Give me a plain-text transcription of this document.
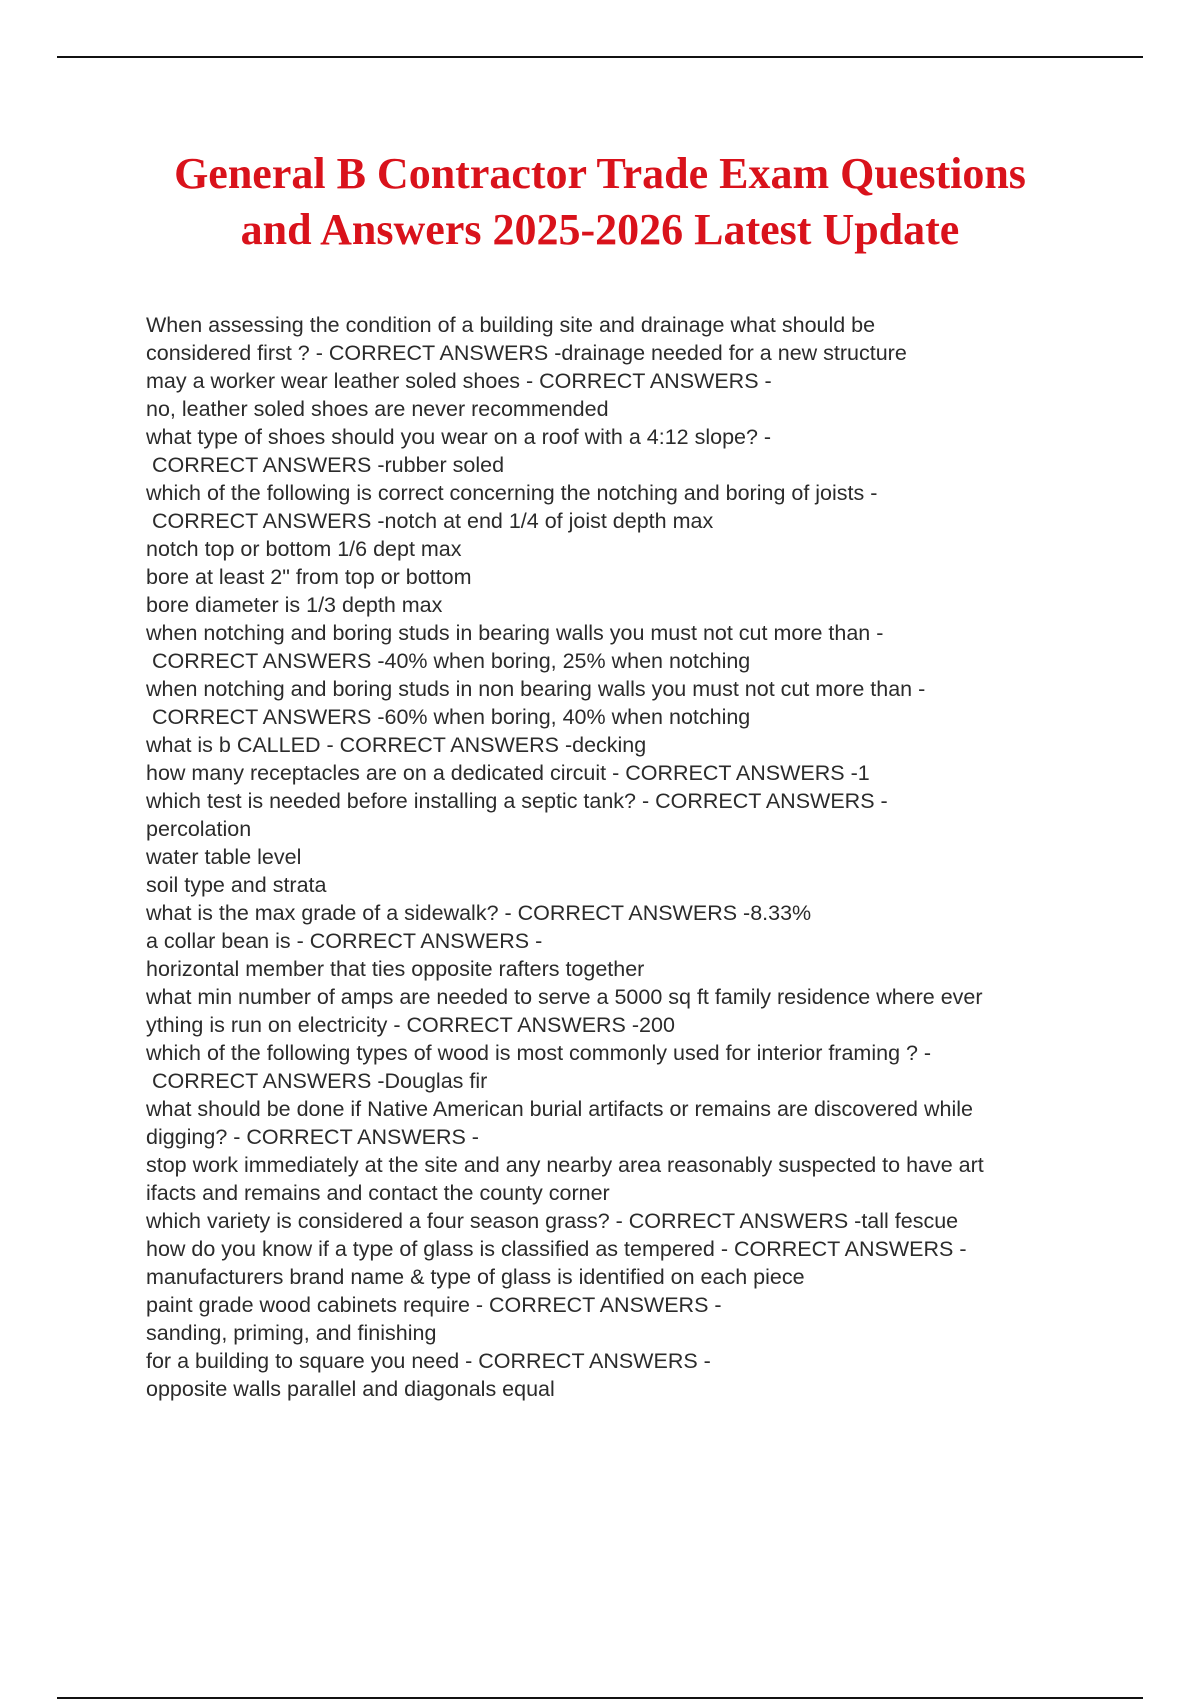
General B Contractor Trade Exam Questions
and Answers 2025-2026 Latest Update
When assessing the condition of a building site and drainage what should be
considered first ? - CORRECT ANSWERS -drainage needed for a new structure
may a worker wear leather soled shoes - CORRECT ANSWERS -
no, leather soled shoes are never recommended
what type of shoes should you wear on a roof with a 4:12 slope? -
CORRECT ANSWERS -rubber soled
which of the following is correct concerning the notching and boring of joists -
CORRECT ANSWERS -notch at end 1/4 of joist depth max
notch top or bottom 1/6 dept max
bore at least 2" from top or bottom
bore diameter is 1/3 depth max
when notching and boring studs in bearing walls you must not cut more than -
CORRECT ANSWERS -40% when boring, 25% when notching
when notching and boring studs in non bearing walls you must not cut more than -
CORRECT ANSWERS -60% when boring, 40% when notching
what is b CALLED - CORRECT ANSWERS -decking
how many receptacles are on a dedicated circuit - CORRECT ANSWERS -1
which test is needed before installing a septic tank? - CORRECT ANSWERS -
percolation
water table level
soil type and strata
what is the max grade of a sidewalk? - CORRECT ANSWERS -8.33%
a collar bean is - CORRECT ANSWERS -
horizontal member that ties opposite rafters together
what min number of amps are needed to serve a 5000 sq ft family residence where ever
ything is run on electricity - CORRECT ANSWERS -200
which of the following types of wood is most commonly used for interior framing ? -
CORRECT ANSWERS -Douglas fir
what should be done if Native American burial artifacts or remains are discovered while
digging? - CORRECT ANSWERS -
stop work immediately at the site and any nearby area reasonably suspected to have art
ifacts and remains and contact the county corner
which variety is considered a four season grass? - CORRECT ANSWERS -tall fescue
how do you know if a type of glass is classified as tempered - CORRECT ANSWERS -
manufacturers brand name & type of glass is identified on each piece
paint grade wood cabinets require - CORRECT ANSWERS -
sanding, priming, and finishing
for a building to square you need - CORRECT ANSWERS -
opposite walls parallel and diagonals equal
